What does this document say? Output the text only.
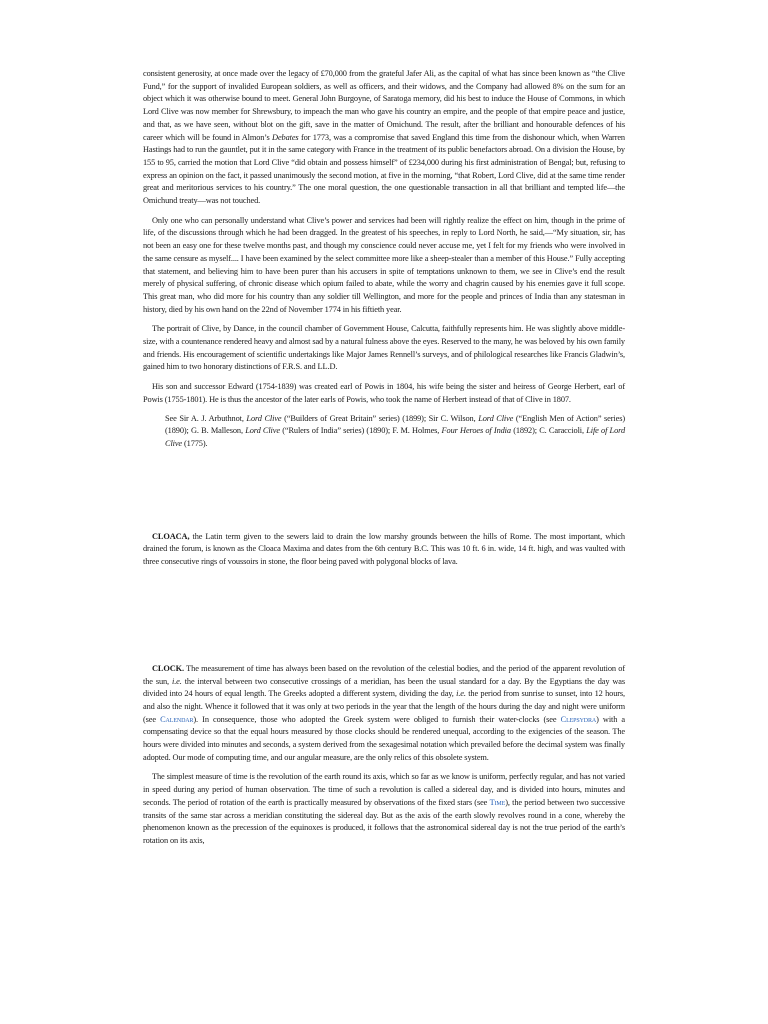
consistent generosity, at once made over the legacy of £70,000 from the grateful Jafer Ali, as the capital of what has since been known as “the Clive Fund,” for the support of invalided European soldiers, as well as officers, and their widows, and the Company had allowed 8% on the sum for an object which it was otherwise bound to meet. General John Burgoyne, of Saratoga memory, did his best to induce the House of Commons, in which Lord Clive was now member for Shrewsbury, to impeach the man who gave his country an empire, and the people of that empire peace and justice, and that, as we have seen, without blot on the gift, save in the matter of Omichund. The result, after the brilliant and honourable defences of his career which will be found in Almon’s Debates for 1773, was a compromise that saved England this time from the dishonour which, when Warren Hastings had to run the gauntlet, put it in the same category with France in the treatment of its public benefactors abroad. On a division the House, by 155 to 95, carried the motion that Lord Clive “did obtain and possess himself” of £234,000 during his first administration of Bengal; but, refusing to express an opinion on the fact, it passed unanimously the second motion, at five in the morning, “that Robert, Lord Clive, did at the same time render great and meritorious services to his country.” The one moral question, the one questionable transaction in all that brilliant and tempted life—the Omichund treaty—was not touched.

Only one who can personally understand what Clive’s power and services had been will rightly realize the effect on him, though in the prime of life, of the discussions through which he had been dragged. In the greatest of his speeches, in reply to Lord North, he said,—“My situation, sir, has not been an easy one for these twelve months past, and though my conscience could never accuse me, yet I felt for my friends who were involved in the same censure as myself.... I have been examined by the select committee more like a sheep-stealer than a member of this House.” Fully accepting that statement, and believing him to have been purer than his accusers in spite of temptations unknown to them, we see in Clive’s end the result merely of physical suffering, of chronic disease which opium failed to abate, while the worry and chagrin caused by his enemies gave it full scope. This great man, who did more for his country than any soldier till Wellington, and more for the people and princes of India than any statesman in history, died by his own hand on the 22nd of November 1774 in his fiftieth year.

The portrait of Clive, by Dance, in the council chamber of Government House, Calcutta, faithfully represents him. He was slightly above middle-size, with a countenance rendered heavy and almost sad by a natural fulness above the eyes. Reserved to the many, he was beloved by his own family and friends. His encouragement of scientific undertakings like Major James Rennell’s surveys, and of philological researches like Francis Gladwin’s, gained him to two honorary distinctions of F.R.S. and LL.D.

His son and successor Edward (1754-1839) was created earl of Powis in 1804, his wife being the sister and heiress of George Herbert, earl of Powis (1755-1801). He is thus the ancestor of the later earls of Powis, who took the name of Herbert instead of that of Clive in 1807.

See Sir A. J. Arbuthnot, Lord Clive (“Builders of Great Britain” series) (1899); Sir C. Wilson, Lord Clive (“English Men of Action” series) (1890); G. B. Malleson, Lord Clive (“Rulers of India” series) (1890); F. M. Holmes, Four Heroes of India (1892); C. Caraccioli, Life of Lord Clive (1775).

CLOACA, the Latin term given to the sewers laid to drain the low marshy grounds between the hills of Rome. The most important, which drained the forum, is known as the Cloaca Maxima and dates from the 6th century B.C. This was 10 ft. 6 in. wide, 14 ft. high, and was vaulted with three consecutive rings of voussoirs in stone, the floor being paved with polygonal blocks of lava.

CLOCK. The measurement of time has always been based on the revolution of the celestial bodies, and the period of the apparent revolution of the sun, i.e. the interval between two consecutive crossings of a meridian, has been the usual standard for a day. By the Egyptians the day was divided into 24 hours of equal length. The Greeks adopted a different system, dividing the day, i.e. the period from sunrise to sunset, into 12 hours, and also the night. Whence it followed that it was only at two periods in the year that the length of the hours during the day and night were uniform (see Calendar). In consequence, those who adopted the Greek system were obliged to furnish their water-clocks (see Clepsydra) with a compensating device so that the equal hours measured by those clocks should be rendered unequal, according to the exigencies of the season. The hours were divided into minutes and seconds, a system derived from the sexagesimal notation which prevailed before the decimal system was finally adopted. Our mode of computing time, and our angular measure, are the only relics of this obsolete system.

The simplest measure of time is the revolution of the earth round its axis, which so far as we know is uniform, perfectly regular, and has not varied in speed during any period of human observation. The time of such a revolution is called a sidereal day, and is divided into hours, minutes and seconds. The period of rotation of the earth is practically measured by observations of the fixed stars (see Time), the period between two successive transits of the same star across a meridian constituting the sidereal day. But as the axis of the earth slowly revolves round in a cone, whereby the phenomenon known as the precession of the equinoxes is produced, it follows that the astronomical sidereal day is not the true period of the earth’s rotation on its axis,
